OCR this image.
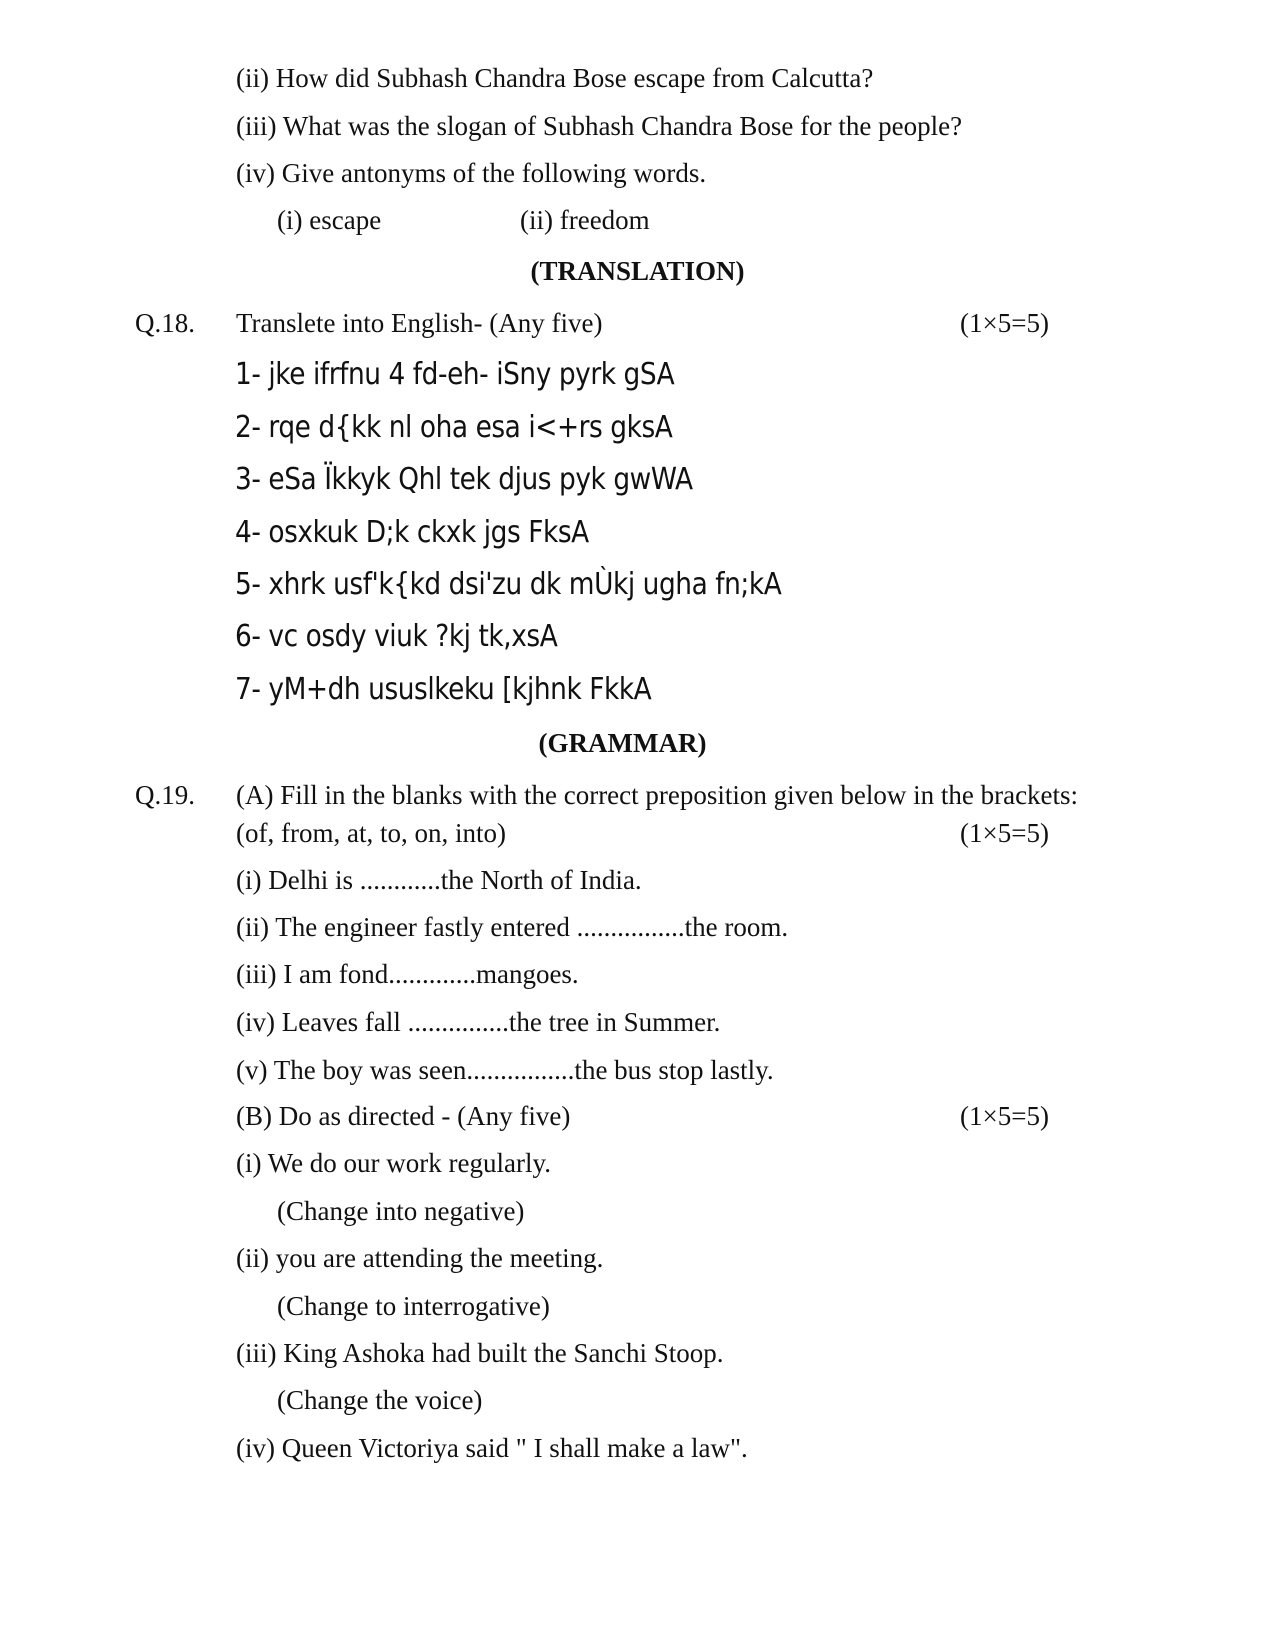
(ii) How did Subhash Chandra Bose escape from Calcutta?
(iii) What was the slogan of Subhash Chandra Bose for the people?
(iv) Give antonyms of the following words.
(i) escape	(ii) freedom
(TRANSLATION)
Q.18. Translete into English- (Any five)	(1×5=5)
1- jke ifrfnu 4 fd-eh- iSny pyrk gSA
2- rqe d{kk nl oha esa i<+rs gksA
3- eSa Ïkkyk Qhl tek djus pyk gwWA
4- osxkuk D;k ckxk jgs FksA
5- xhrk usf'k{kd dsi'zu dk mÙkj ugha fn;kA
6- vc osdy viuk ?kj tk,xsA
7- yM+dh ususlkeku [kjhnk FkkA
(GRAMMAR)
Q.19. (A) Fill in the blanks with the correct preposition given below in the brackets:
(of, from, at, to, on, into)	(1×5=5)
(i) Delhi is ............the North of India.
(ii) The engineer fastly entered ................the room.
(iii) I am fond.............mangoes.
(iv) Leaves fall ...............the tree in Summer.
(v) The boy was seen................the bus stop lastly.
(B) Do as directed - (Any five)	(1×5=5)
(i) We do our work regularly.
(Change into negative)
(ii) you are attending the meeting.
(Change to interrogative)
(iii) King Ashoka had built the Sanchi Stoop.
(Change the voice)
(iv) Queen Victoriya said " I shall make a law".
